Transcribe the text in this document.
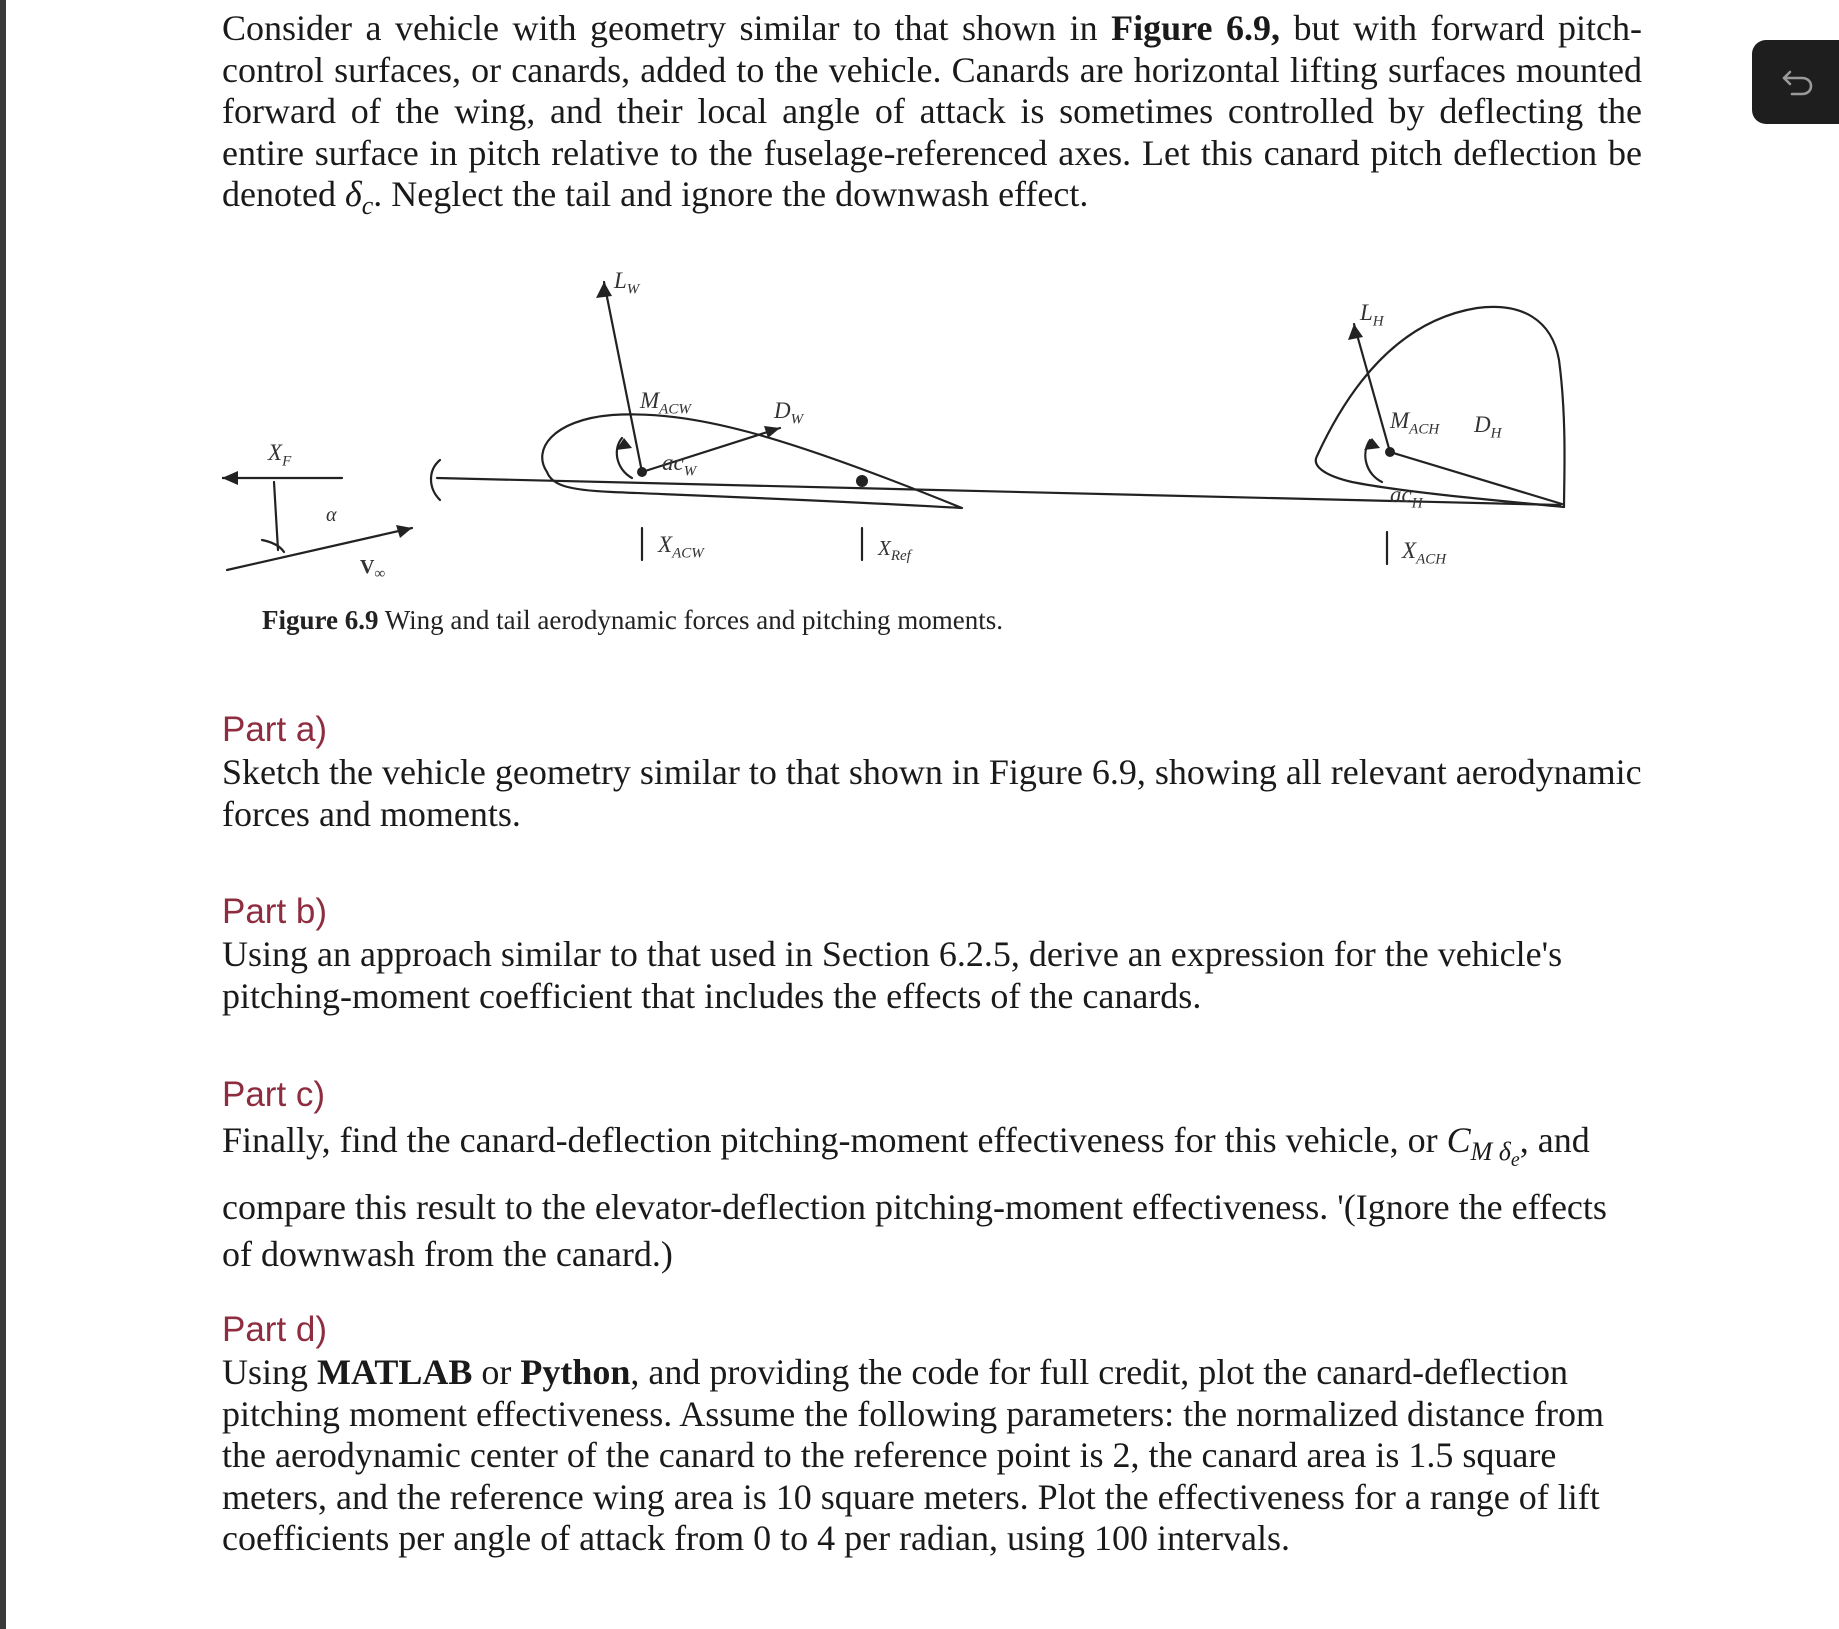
Consider a vehicle with geometry similar to that shown in Figure 6.9, but with forward pitch-control surfaces, or canards, added to the vehicle. Canards are horizontal lifting surfaces mounted forward of the wing, and their local angle of attack is sometimes controlled by deflecting the entire surface in pitch relative to the fuselage-referenced axes. Let this canard pitch deflection be denoted $\delta_c$. Neglect the tail and ignore the downwash effect.

$L_W$
$L_H$
$M_{ACW}$	$D_W$	$M_{ACH}$ $D_H$
$X_F$	$ac_W$
$ac_H$
α
$V_\infty$
$X_{ACW}$	$X_{Ref}$	$X_{ACH}$
Figure 6.9 Wing and tail aerodynamic forces and pitching moments.

Part a)

Sketch the vehicle geometry similar to that shown in Figure 6.9, showing all relevant aerodynamic forces and moments.

Part b)

Using an approach similar to that used in Section 6.2.5, derive an expression for the vehicle's pitching-moment coefficient that includes the effects of the canards.

Part c)

Finally, find the canard-deflection pitching-moment effectiveness for this vehicle, or $C_{M \delta e}$, and compare this result to the elevator-deflection pitching-moment effectiveness. '(Ignore the effects of downwash from the canard.)

Part d)

Using MATLAB or Python, and providing the code for full credit, plot the canard-deflection pitching moment effectiveness. Assume the following parameters: the normalized distance from the aerodynamic center of the canard to the reference point is 2, the canard area is 1.5 square meters, and the reference wing area is 10 square meters. Plot the effectiveness for a range of lift coefficients per angle of attack from 0 to 4 per radian, using 100 intervals.
